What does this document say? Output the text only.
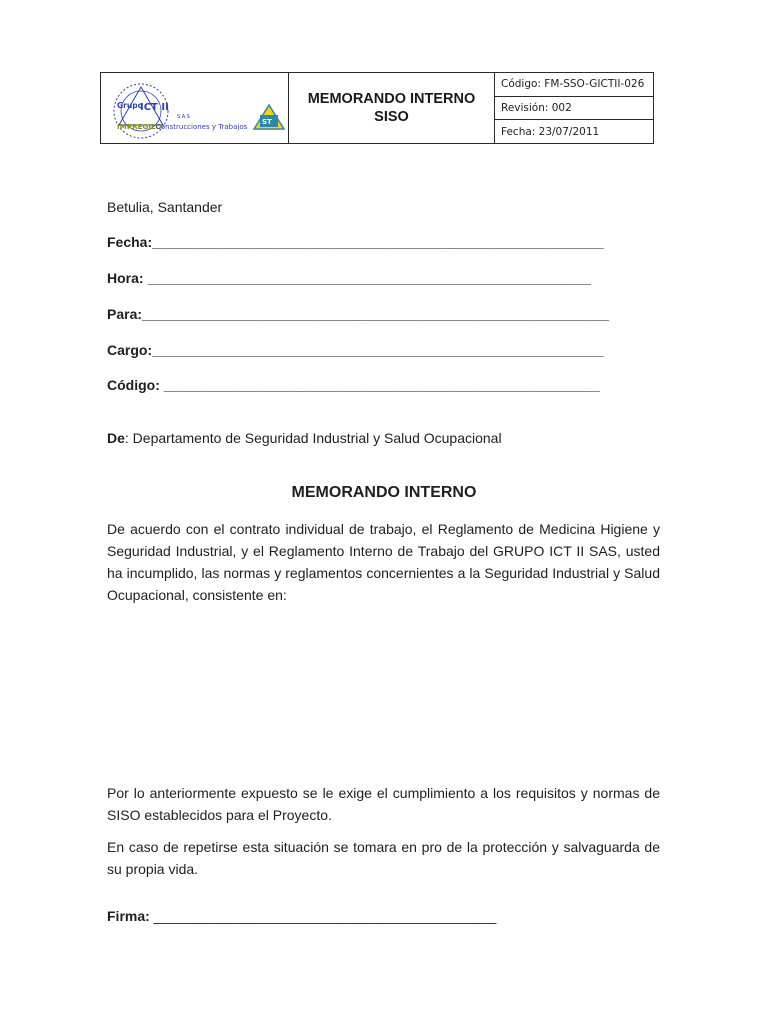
Grupo
ICT II
S.A.S
IMPREGILO
Construcciones y Trabajos
ST
MEMORANDO INTERNO
SISO
Código: FM-SSO-GICTII-026
Revisión: 002
Fecha: 23/07/2011
Betulia, Santander
Fecha:__________________________________________________________
Hora: _________________________________________________________
Para:____________________________________________________________
Cargo:__________________________________________________________
Código: ________________________________________________________
De: Departamento de Seguridad Industrial y Salud Ocupacional
MEMORANDO INTERNO
De acuerdo con el contrato individual de trabajo, el Reglamento de Medicina Higiene y Seguridad Industrial, y el Reglamento Interno de Trabajo del GRUPO ICT II SAS, usted ha incumplido, las normas y reglamentos concernientes a la Seguridad Industrial y Salud Ocupacional, consistente en:
Por lo anteriormente expuesto se le exige el cumplimiento a los requisitos y normas de SISO establecidos para el Proyecto.
En caso de repetirse esta situación se tomara en pro de la protección y salvaguarda de su propia vida.
Firma: ____________________________________________
